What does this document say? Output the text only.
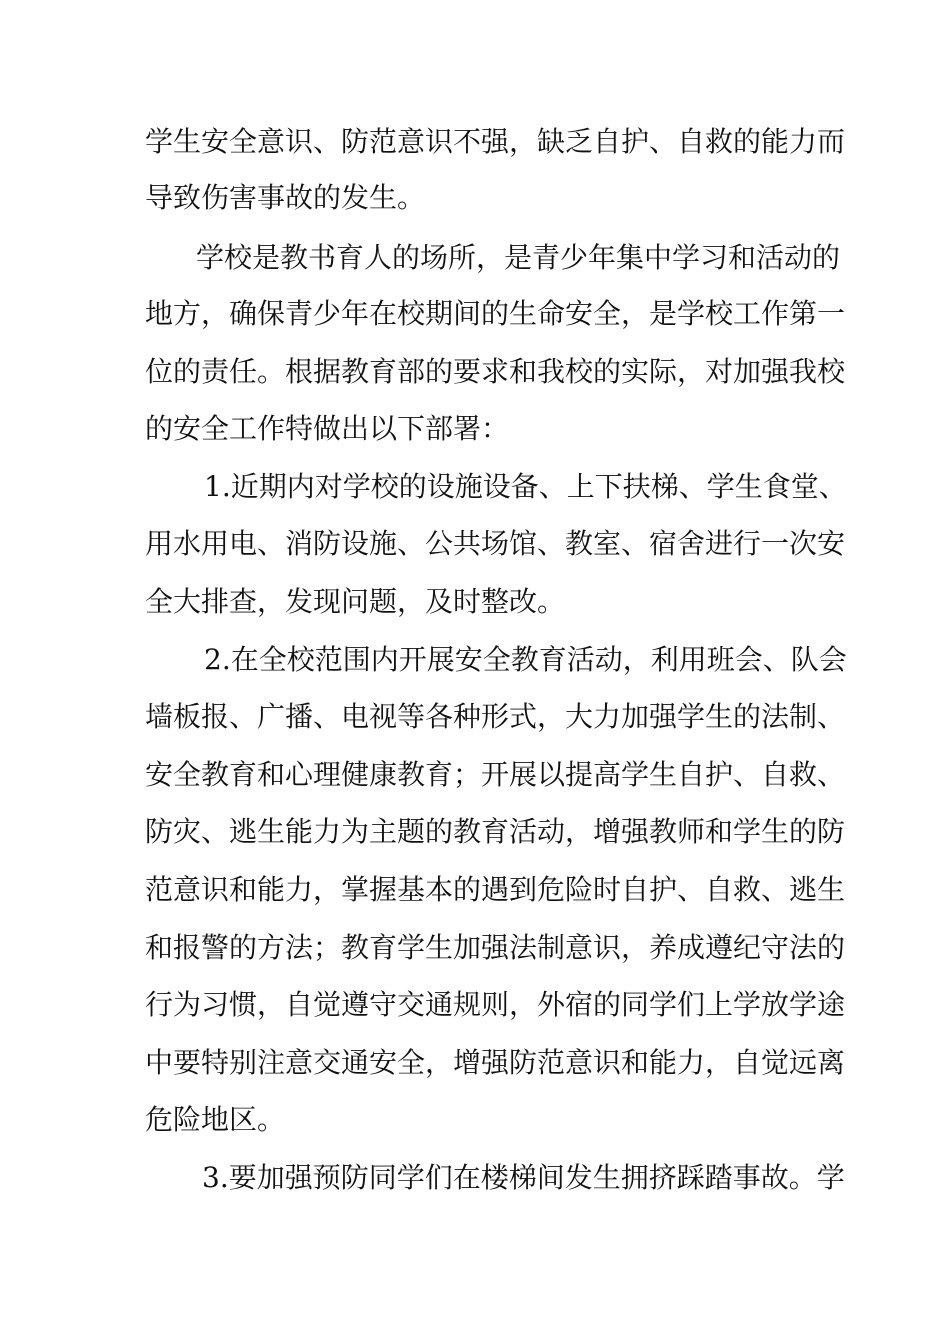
学生安全意识、防范意识不强，缺乏自护、自救的能力而
导致伤害事故的发生。
学校是教书育人的场所，是青少年集中学习和活动的
地方，确保青少年在校期间的生命安全，是学校工作第一
位的责任。根据教育部的要求和我校的实际，对加强我校
的安全工作特做出以下部署：
1.近期内对学校的设施设备、上下扶梯、学生食堂、
用水用电、消防设施、公共场馆、教室、宿舍进行一次安
全大排查，发现问题，及时整改。
2.在全校范围内开展安全教育活动，利用班会、队会
墙板报、广播、电视等各种形式，大力加强学生的法制、
安全教育和心理健康教育；开展以提高学生自护、自救、
防灾、逃生能力为主题的教育活动，增强教师和学生的防
范意识和能力，掌握基本的遇到危险时自护、自救、逃生
和报警的方法；教育学生加强法制意识，养成遵纪守法的
行为习惯，自觉遵守交通规则，外宿的同学们上学放学途
中要特别注意交通安全，增强防范意识和能力，自觉远离
危险地区。
3.要加强预防同学们在楼梯间发生拥挤踩踏事故。学
